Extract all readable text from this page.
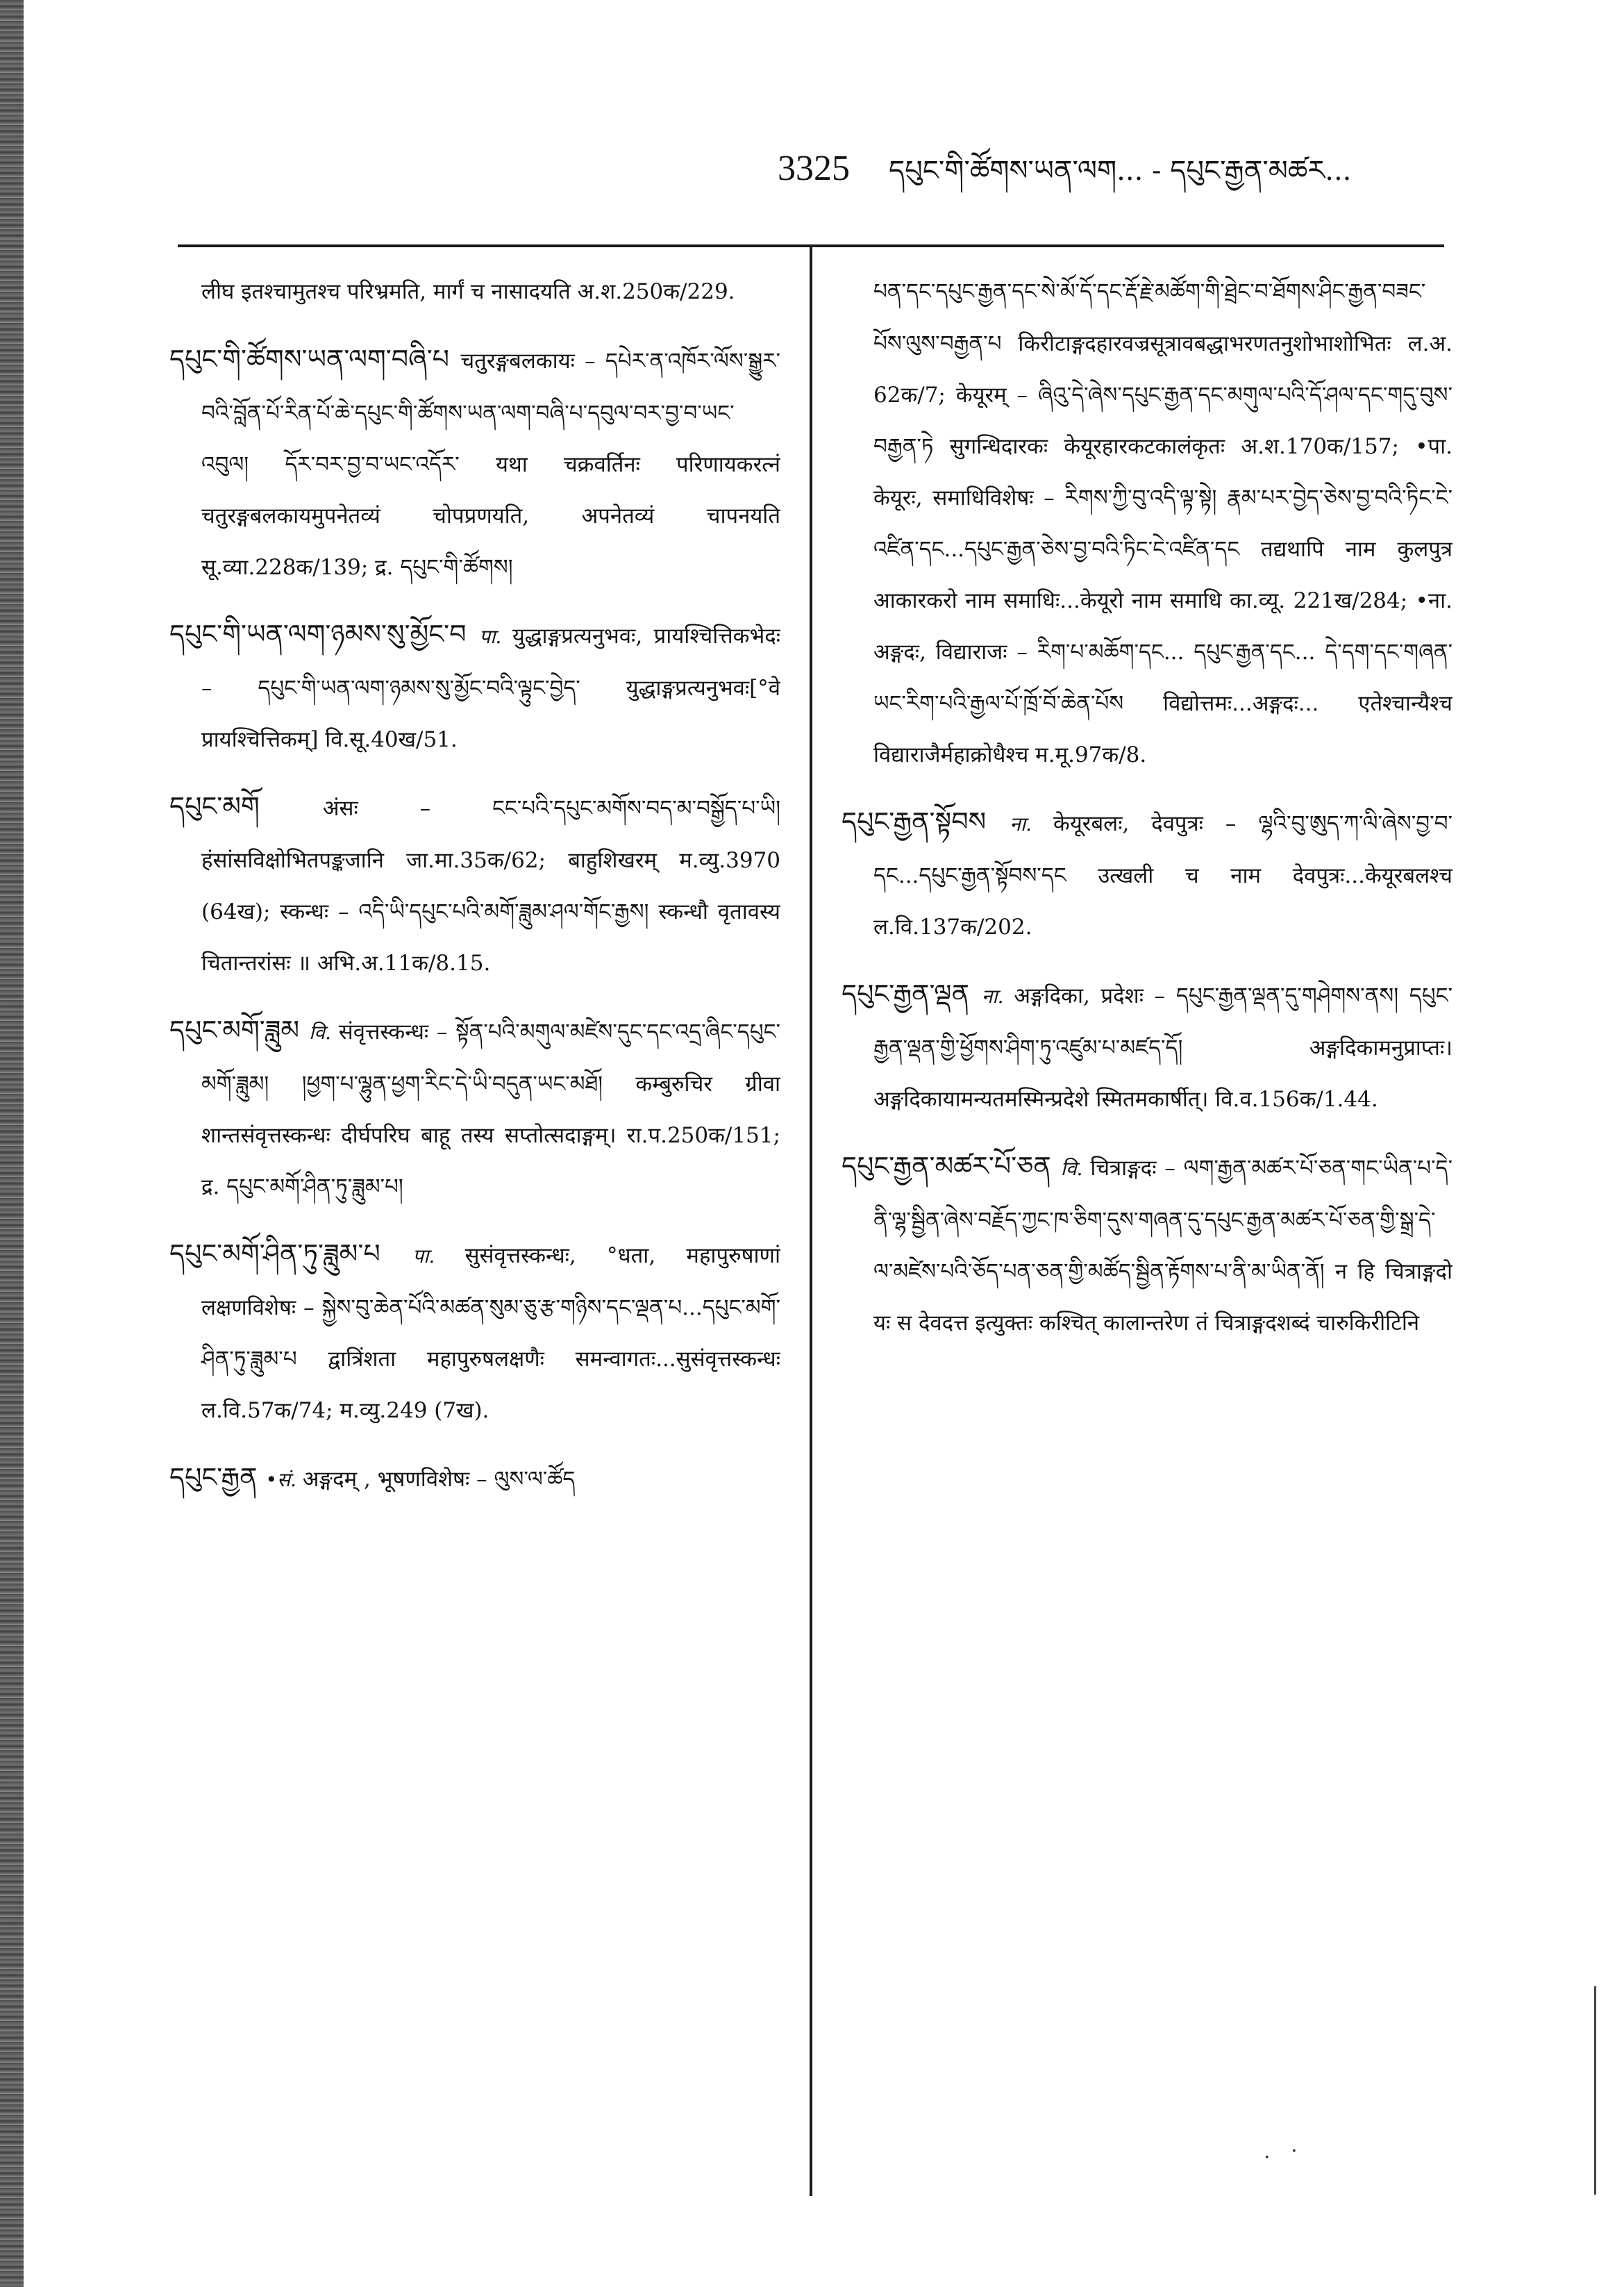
3325 དཔུང་གི་ཚོགས་ཡན་ལག... - དཔུང་རྒྱན་མཚར...

लीघ इतश्चामुतश्च परिभ्रमति, मार्गं च नासादयति अ.श.250क/229.

དཔུང་གི་ཚོགས་ཡན་ལག་བཞི་པ चतुरङ्गबलकायः – དཔེར་ན་འཁོར་ལོས་སྒྱུར་བའི་བློན་པོ་རིན་པོ་ཆེ་དཔུང་གི་ཚོགས་ཡན་ལག་བཞི་པ་དབུལ་བར་བྱ་བ་ཡང་འབུལ། དོར་བར་བྱ་བ་ཡང་འདོར་ यथा चक्रवर्तिनः परिणायकरत्नं चतुरङ्गबलकायमुपनेतव्यं चोपप्रणयति, अपनेतव्यं चापनयति सू.व्या.228क/139; द्र. དཔུང་གི་ཚོགས།

དཔུང་གི་ཡན་ལག་ཉམས་སུ་མྱོང་བ पा. युद्धाङ्गप्रत्यनुभवः, प्रायश्चित्तिकभेदः – དཔུང་གི་ཡན་ལག་ཉམས་སུ་མྱོང་བའི་ལྟུང་བྱེད་ युद्धाङ्गप्रत्यनुभवः[°वे प्रायश्चित्तिकम्] वि.सू.40ख/51.

དཔུང་མགོ अंसः – ངང་པའི་དཔུང་མགོས་བད་མ་བསྒྱོད་པ་ཡི། हंसांसविक्षोभितपङ्कजानि जा.मा.35क/62; बाहुशिखरम् म.व्यु.3970 (64ख); स्कन्धः – འདི་ཡི་དཔུང་པའི་མགོ་ཟླུམ་ཤལ་གོང་རྒྱས། स्कन्धौ वृतावस्य चितान्तरांसः ॥ अभि.अ.11क/8.15.

དཔུང་མགོ་ཟླུམ वि. संवृत्तस्कन्धः – སྟོན་པའི་མགུལ་མཛེས་དུང་དང་འདྲ་ཞིང་དཔུང་མགོ་ཟླུམ། །ཕྱག་པ་ལྷུན་ཕྱག་རིང་དེ་ཡི་བདུན་ཡང་མཐོ། कम्बुरुचिर ग्रीवा शान्तसंवृत्तस्कन्धः दीर्घपरिघ बाहू तस्य सप्तोत्सदाङ्गम्। रा.प.250क/151; द्र. དཔུང་མགོ་ཤིན་ཏུ་ཟླུམ་པ།

དཔུང་མགོ་ཤིན་ཏུ་ཟླུམ་པ पा. सुसंवृत्तस्कन्धः, °धता, महापुरुषाणां लक्षणविशेषः – སྐྱེས་བུ་ཆེན་པོའི་མཚན་སུམ་ཅུ་རྩ་གཉིས་དང་ལྡན་པ...དཔུང་མགོ་ཤིན་ཏུ་ཟླུམ་པ द्वात्रिंशता महापुरुषलक्षणैः समन्वागतः...सुसंवृत्तस्कन्धः ल.वि.57क/74; म.व्यु.249 (7ख).

དཔུང་རྒྱན •सं. अङ्गदम् , भूषणविशेषः – ལུས་ལ་ཚོད

པན་དང་དཔུང་རྒྱན་དང་སེ་མོ་དོ་དང་རྡོ་རྗེ་མཚོག་གི་ཐྲེང་བ་ཐོགས་ཤིང་རྒྱན་བཟང་པོས་ལུས་བརྒྱན་པ किरीटाङ्गदहारवज्रसूत्रावबद्धाभरणतनुशोभाशोभितः ल.अ. 62क/7; केयूरम् – ཞིའུ་དེ་ཞེས་དཔུང་རྒྱན་དང་མགུལ་པའི་དོ་ཤལ་དང་གདུ་བུས་བརྒྱན་ཏེ सुगन्धिदारकः केयूरहारकटकालंकृतः अ.श.170क/157; •पा. केयूरः, समाधिविशेषः – རིགས་ཀྱི་བུ་འདི་ལྟ་སྟེ། རྣམ་པར་བྱེད་ཅེས་བྱ་བའི་ཏིང་ངེ་འཛིན་དང...དཔུང་རྒྱན་ཅེས་བྱ་བའི་ཏིང་ངེ་འཛིན་དང तद्यथापि नाम कुलपुत्र आकारकरो नाम समाधिः...केयूरो नाम समाधि का.व्यू. 221ख/284; •ना. अङ्गदः, विद्याराजः – རིག་པ་མཆོག་དང... དཔུང་རྒྱན་དང... དེ་དག་དང་གཞན་ཡང་རིག་པའི་རྒྱལ་པོ་ཁྲོ་བོ་ཆེན་པོས विद्योत्तमः...अङ्गदः... एतेश्चान्यैश्च विद्याराजैर्महाक्रोधैश्च म.मू.97क/8.

དཔུང་རྒྱན་སྟོབས ना. केयूरबलः, देवपुत्रः – ལྷའི་བུ་ཨུད་ཀ་ལི་ཞེས་བྱ་བ་དང...དཔུང་རྒྱན་སྟོབས་དང उत्खली च नाम देवपुत्रः...केयूरबलश्च ल.वि.137क/202.

དཔུང་རྒྱན་ལྡན ना. अङ्गदिका, प्रदेशः – དཔུང་རྒྱན་ལྡན་དུ་གཤེགས་ནས། དཔུང་རྒྱན་ལྡན་གྱི་ཕྱོགས་ཤིག་ཏུ་འཛུམ་པ་མཛད་དོ། अङ्गदिकामनुप्राप्तः। अङ्गदिकायामन्यतमस्मिन्प्रदेशे स्मितमकार्षीत्। वि.व.156क/1.44.

དཔུང་རྒྱན་མཚར་པོ་ཅན वि. चित्राङ्गदः – ལག་རྒྱན་མཚར་པོ་ཅན་གང་ཡིན་པ་དེ་ནི་ལྷ་སྦྱིན་ཞེས་བརྗོད་ཀྱང་ཁ་ཅིག་དུས་གཞན་དུ་དཔུང་རྒྱན་མཚར་པོ་ཅན་གྱི་སྒྲ་དེ་ལ་མཛེས་པའི་ཅོད་པན་ཅན་གྱི་མཚོད་སྦྱིན་རྟོགས་པ་ནི་མ་ཡིན་ནོ། न हि चित्राङ्गदो यः स देवदत्त इत्युक्तः कश्चित् कालान्तरेण तं चित्राङ्गदशब्दं चारुकिरीटिनि

. ·
